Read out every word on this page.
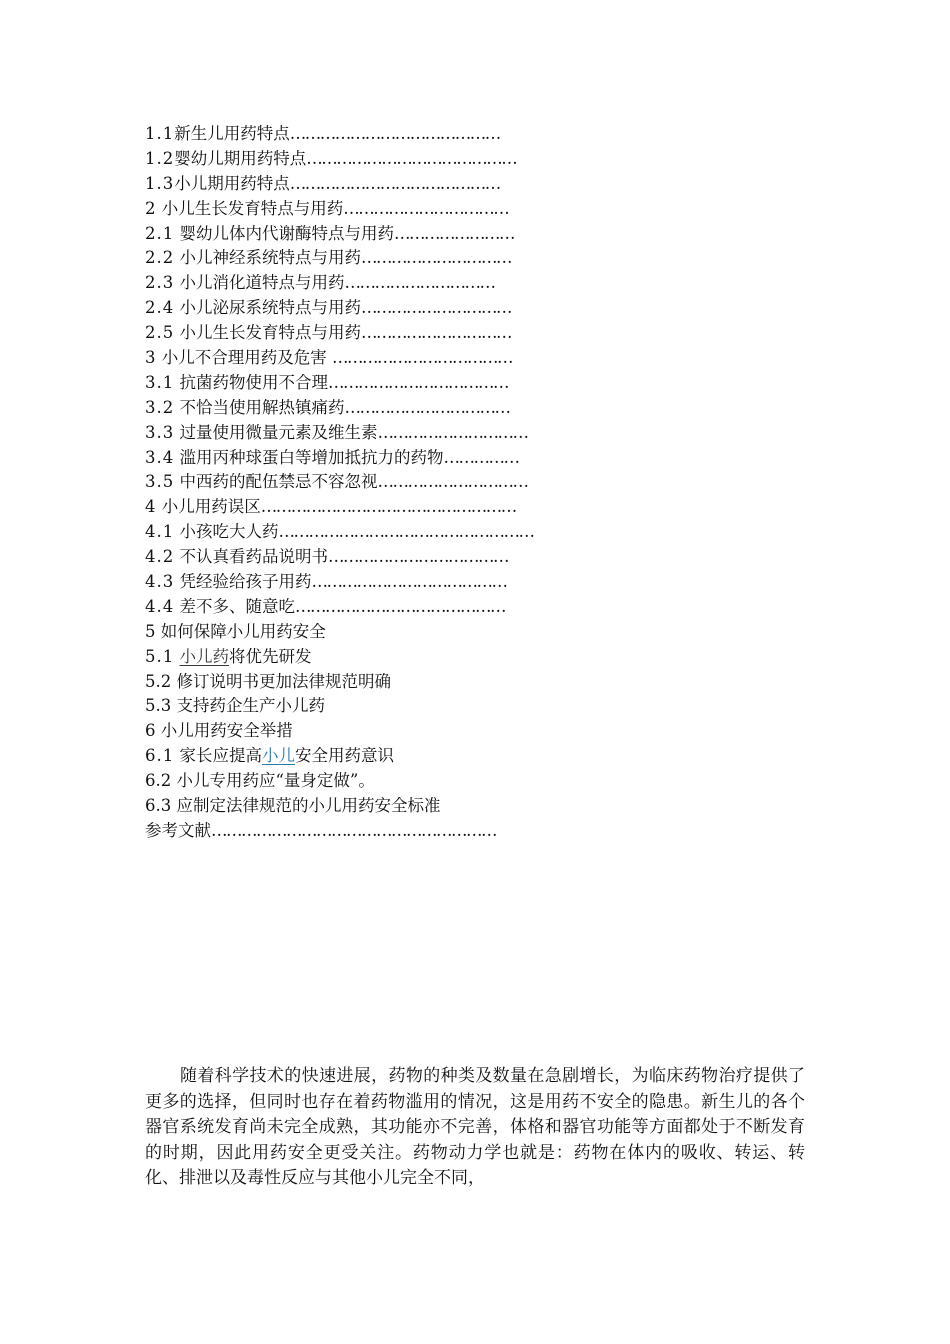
1.1新生儿用药特点……………………………………
1.2婴幼儿期用药特点……………………………………
1.3小儿期用药特点……………………………………
2 小儿生长发育特点与用药……………………………
2.1 婴幼儿体内代谢酶特点与用药……………………
2.2 小儿神经系统特点与用药…………………………
2.3 小儿消化道特点与用药…………………………
2.4 小儿泌尿系统特点与用药…………………………
2.5 小儿生长发育特点与用药…………………………
3 小儿不合理用药及危害 ………………………………
3.1 抗菌药物使用不合理………………………………
3.2 不恰当使用解热镇痛药……………………………
3.3 过量使用微量元素及维生素…………………………
3.4 滥用丙种球蛋白等增加抵抗力的药物……………
3.5 中西药的配伍禁忌不容忽视…………………………
4 小儿用药误区……………………………………………
4.1 小孩吃大人药……………………………………………
4.2 不认真看药品说明书………………………………
4.3 凭经验给孩子用药…………………………………
4.4 差不多、随意吃……………………………………
5 如何保障小儿用药安全
5.1 小儿药将优先研发
5.2 修订说明书更加法律规范明确
5.3 支持药企生产小儿药
6 小儿用药安全举措
6.1 家长应提高小儿安全用药意识
6.2 小儿专用药应“量身定做”。
6.3 应制定法律规范的小儿用药安全标准
参考文献…………………………………………………

随着科学技术的快速进展，药物的种类及数量在急剧增长，为临床药物治疗提供了更多的选择，但同时也存在着药物滥用的情况，这是用药不安全的隐患。新生儿的各个器官系统发育尚未完全成熟，其功能亦不完善，体格和器官功能等方面都处于不断发育的时期，因此用药安全更受关注。药物动力学也就是：药物在体内的吸收、转运、转化、排泄以及毒性反应与其他小儿完全不同，
